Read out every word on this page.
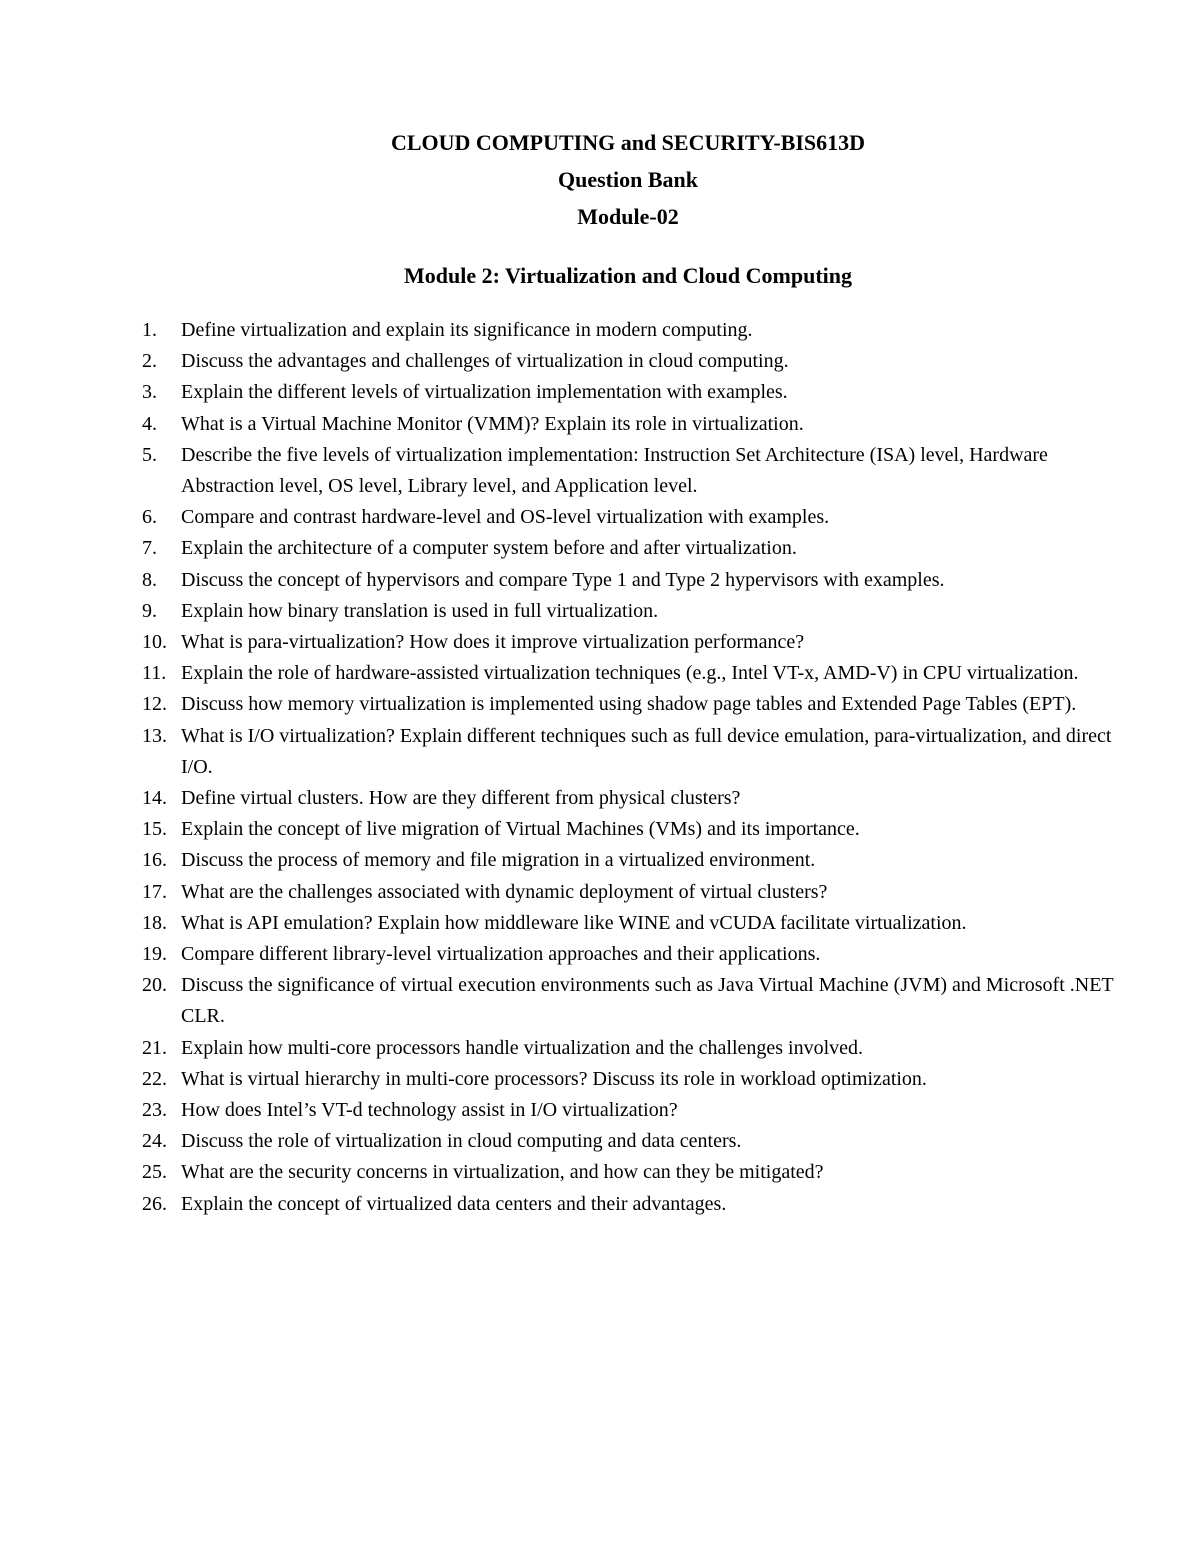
CLOUD COMPUTING and SECURITY-BIS613D
Question Bank
Module-02
Module 2: Virtualization and Cloud Computing
1. Define virtualization and explain its significance in modern computing.
2. Discuss the advantages and challenges of virtualization in cloud computing.
3. Explain the different levels of virtualization implementation with examples.
4. What is a Virtual Machine Monitor (VMM)? Explain its role in virtualization.
5. Describe the five levels of virtualization implementation: Instruction Set Architecture (ISA) level, Hardware Abstraction level, OS level, Library level, and Application level.
6. Compare and contrast hardware-level and OS-level virtualization with examples.
7. Explain the architecture of a computer system before and after virtualization.
8. Discuss the concept of hypervisors and compare Type 1 and Type 2 hypervisors with examples.
9. Explain how binary translation is used in full virtualization.
10. What is para-virtualization? How does it improve virtualization performance?
11. Explain the role of hardware-assisted virtualization techniques (e.g., Intel VT-x, AMD-V) in CPU virtualization.
12. Discuss how memory virtualization is implemented using shadow page tables and Extended Page Tables (EPT).
13. What is I/O virtualization? Explain different techniques such as full device emulation, para-virtualization, and direct I/O.
14. Define virtual clusters. How are they different from physical clusters?
15. Explain the concept of live migration of Virtual Machines (VMs) and its importance.
16. Discuss the process of memory and file migration in a virtualized environment.
17. What are the challenges associated with dynamic deployment of virtual clusters?
18. What is API emulation? Explain how middleware like WINE and vCUDA facilitate virtualization.
19. Compare different library-level virtualization approaches and their applications.
20. Discuss the significance of virtual execution environments such as Java Virtual Machine (JVM) and Microsoft .NET CLR.
21. Explain how multi-core processors handle virtualization and the challenges involved.
22. What is virtual hierarchy in multi-core processors? Discuss its role in workload optimization.
23. How does Intel’s VT-d technology assist in I/O virtualization?
24. Discuss the role of virtualization in cloud computing and data centers.
25. What are the security concerns in virtualization, and how can they be mitigated?
26. Explain the concept of virtualized data centers and their advantages.
